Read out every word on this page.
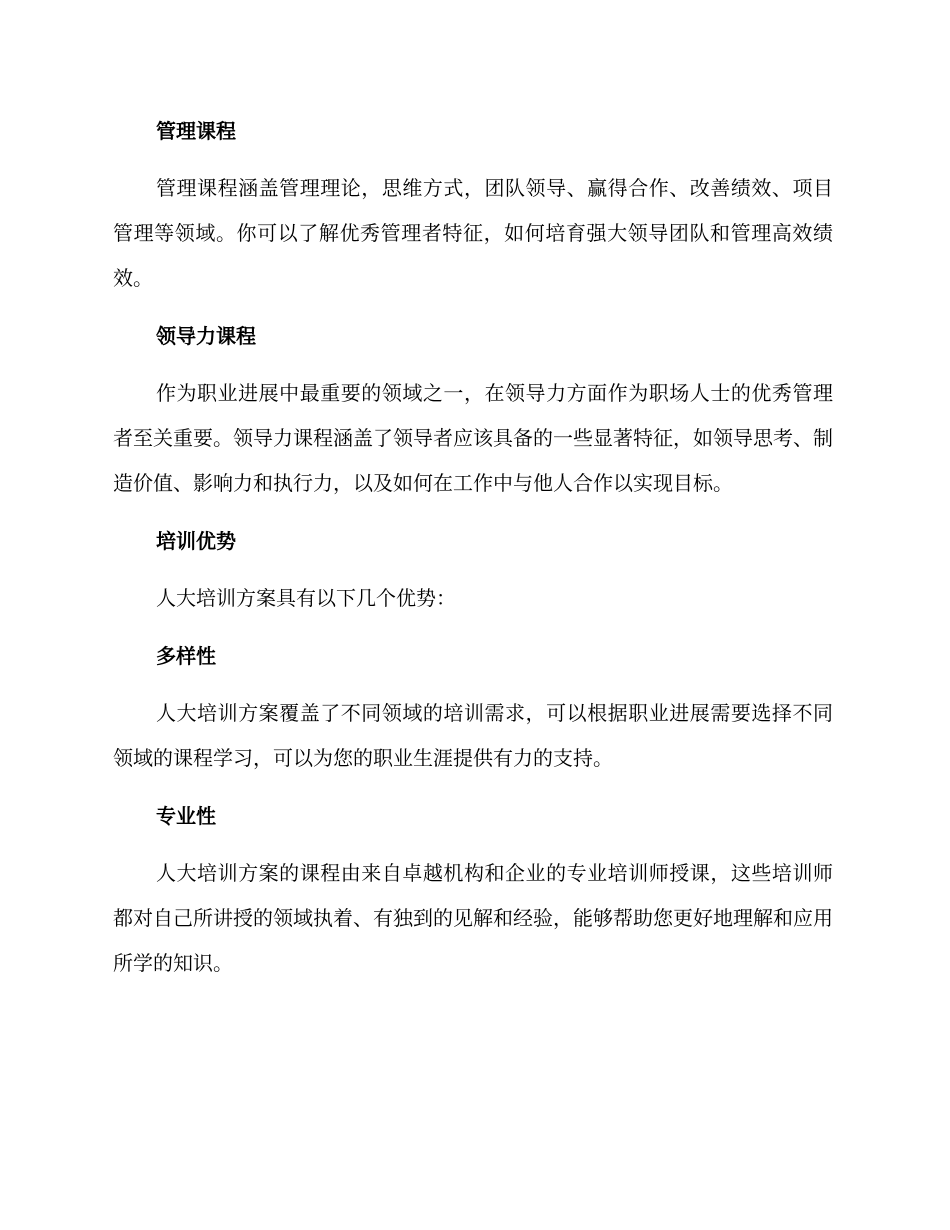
管理课程
管理课程涵盖管理理论，思维方式，团队领导、赢得合作、改善绩效、项目管理等领域。你可以了解优秀管理者特征，如何培育强大领导团队和管理高效绩效。
领导力课程
作为职业进展中最重要的领域之一，在领导力方面作为职场人士的优秀管理者至关重要。领导力课程涵盖了领导者应该具备的一些显著特征，如领导思考、制造价值、影响力和执行力，以及如何在工作中与他人合作以实现目标。
培训优势
人大培训方案具有以下几个优势：
多样性
人大培训方案覆盖了不同领域的培训需求，可以根据职业进展需要选择不同领域的课程学习，可以为您的职业生涯提供有力的支持。
专业性
人大培训方案的课程由来自卓越机构和企业的专业培训师授课，这些培训师都对自己所讲授的领域执着、有独到的见解和经验，能够帮助您更好地理解和应用所学的知识。
